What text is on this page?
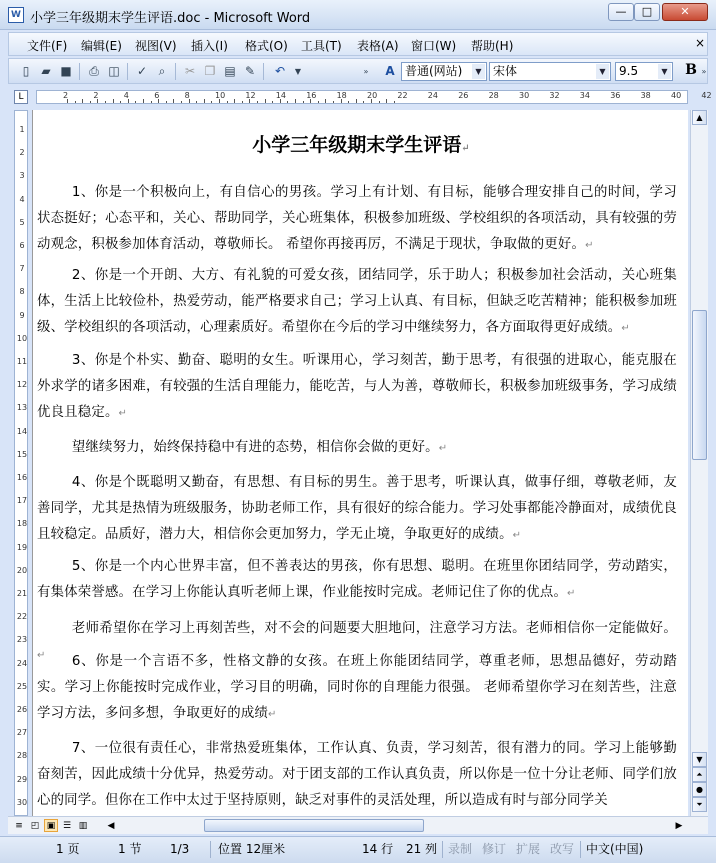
W 小学三年级期末学生评语.doc - Microsoft Word	—	□	✕
文件(F) 编辑(E) 视图(V) 插入(I) 格式(O) 工具(T) 表格(A) 窗口(W) 帮助(H)	×
▯	▰ ■	⎙ ◫	✓ ⌕	✂ ❐ ▤ ✎	↶	▼	»	A 普通(网站)	▼ 宋体	▼	9.5	▼ B »
L	2	2	4	6	8	10	12	14	16	18	20	22	24	26	28	30	32	34	36	38	40	42
1
2
3
4
5
6
7
8
9
10
11
12
13
14
15
16
17
18
19
20
21
22
23
24
25
26
27
28
29
30
小学三年级期末学生评语↵
1、你是一个积极向上，有自信心的男孩。学习上有计划、有目标，能够合理安排自己的时间，学习状态挺好；心态平和，关心、帮助同学，关心班集体，积极参加班级、学校组织的各项活动，具有较强的劳动观念，积极参加体育活动，尊敬师长。 希望你再接再厉，不满足于现状，争取做的更好。↵
2、你是一个开朗、大方、有礼貌的可爱女孩，团结同学，乐于助人；积极参加社会活动，关心班集体，生活上比较俭朴，热爱劳动，能严格要求自己；学习上认真、有目标，但缺乏吃苦精神；能积极参加班级、学校组织的各项活动，心理素质好。希望你在今后的学习中继续努力，各方面取得更好成绩。↵
3、你是个朴实、勤奋、聪明的女生。听课用心，学习刻苦，勤于思考，有很强的进取心，能克服在外求学的诸多困难，有较强的生活自理能力，能吃苦，与人为善，尊敬师长，积极参加班级事务，学习成绩优良且稳定。↵
望继续努力，始终保持稳中有进的态势，相信你会做的更好。↵
4、你是个既聪明又勤奋，有思想、有目标的男生。善于思考，听课认真，做事仔细，尊敬老师，友善同学，尤其是热情为班级服务，协助老师工作，具有很好的综合能力。学习处事都能冷静面对，成绩优良且较稳定。品质好，潜力大，相信你会更加努力，学无止境，争取更好的成绩。↵
5、你是一个内心世界丰富，但不善表达的男孩，你有思想、聪明。在班里你团结同学，劳动踏实，有集体荣誉感。在学习上你能认真听老师上课，作业能按时完成。老师记住了你的优点。↵
老师希望你在学习上再刻苦些，对不会的问题要大胆地问，注意学习方法。老师相信你一定能做好。↵	6、你是一个言语不多，性格文静的女孩。在班上你能团结同学，尊重老师，思想品德好，劳动踏实。学习上你能按时完成作业，学习目的明确，同时你的自理能力很强。 老师希望你学习在刻苦些，注意学习方法，多问多想，争取更好的成绩↵
7、一位很有责任心，非常热爱班集体，工作认真、负责，学习刻苦，很有潜力的同。学习上能够勤奋刻苦，因此成绩十分优异，热爱劳动。对于团支部的工作认真负责，所以你是一位十分让老师、同学们放心的同学。但你在工作中太过于坚持原则，缺乏对事件的灵活处理，所以造成有时与部分同学关
▲
▼
⏶
●
⏷
≡ ◰ ▣ ☰ ▥	◀	▶
1 页	1 节 1/3 位置 12厘米	14 行 21 列 录制 修订 扩展 改写 中文(中国)
